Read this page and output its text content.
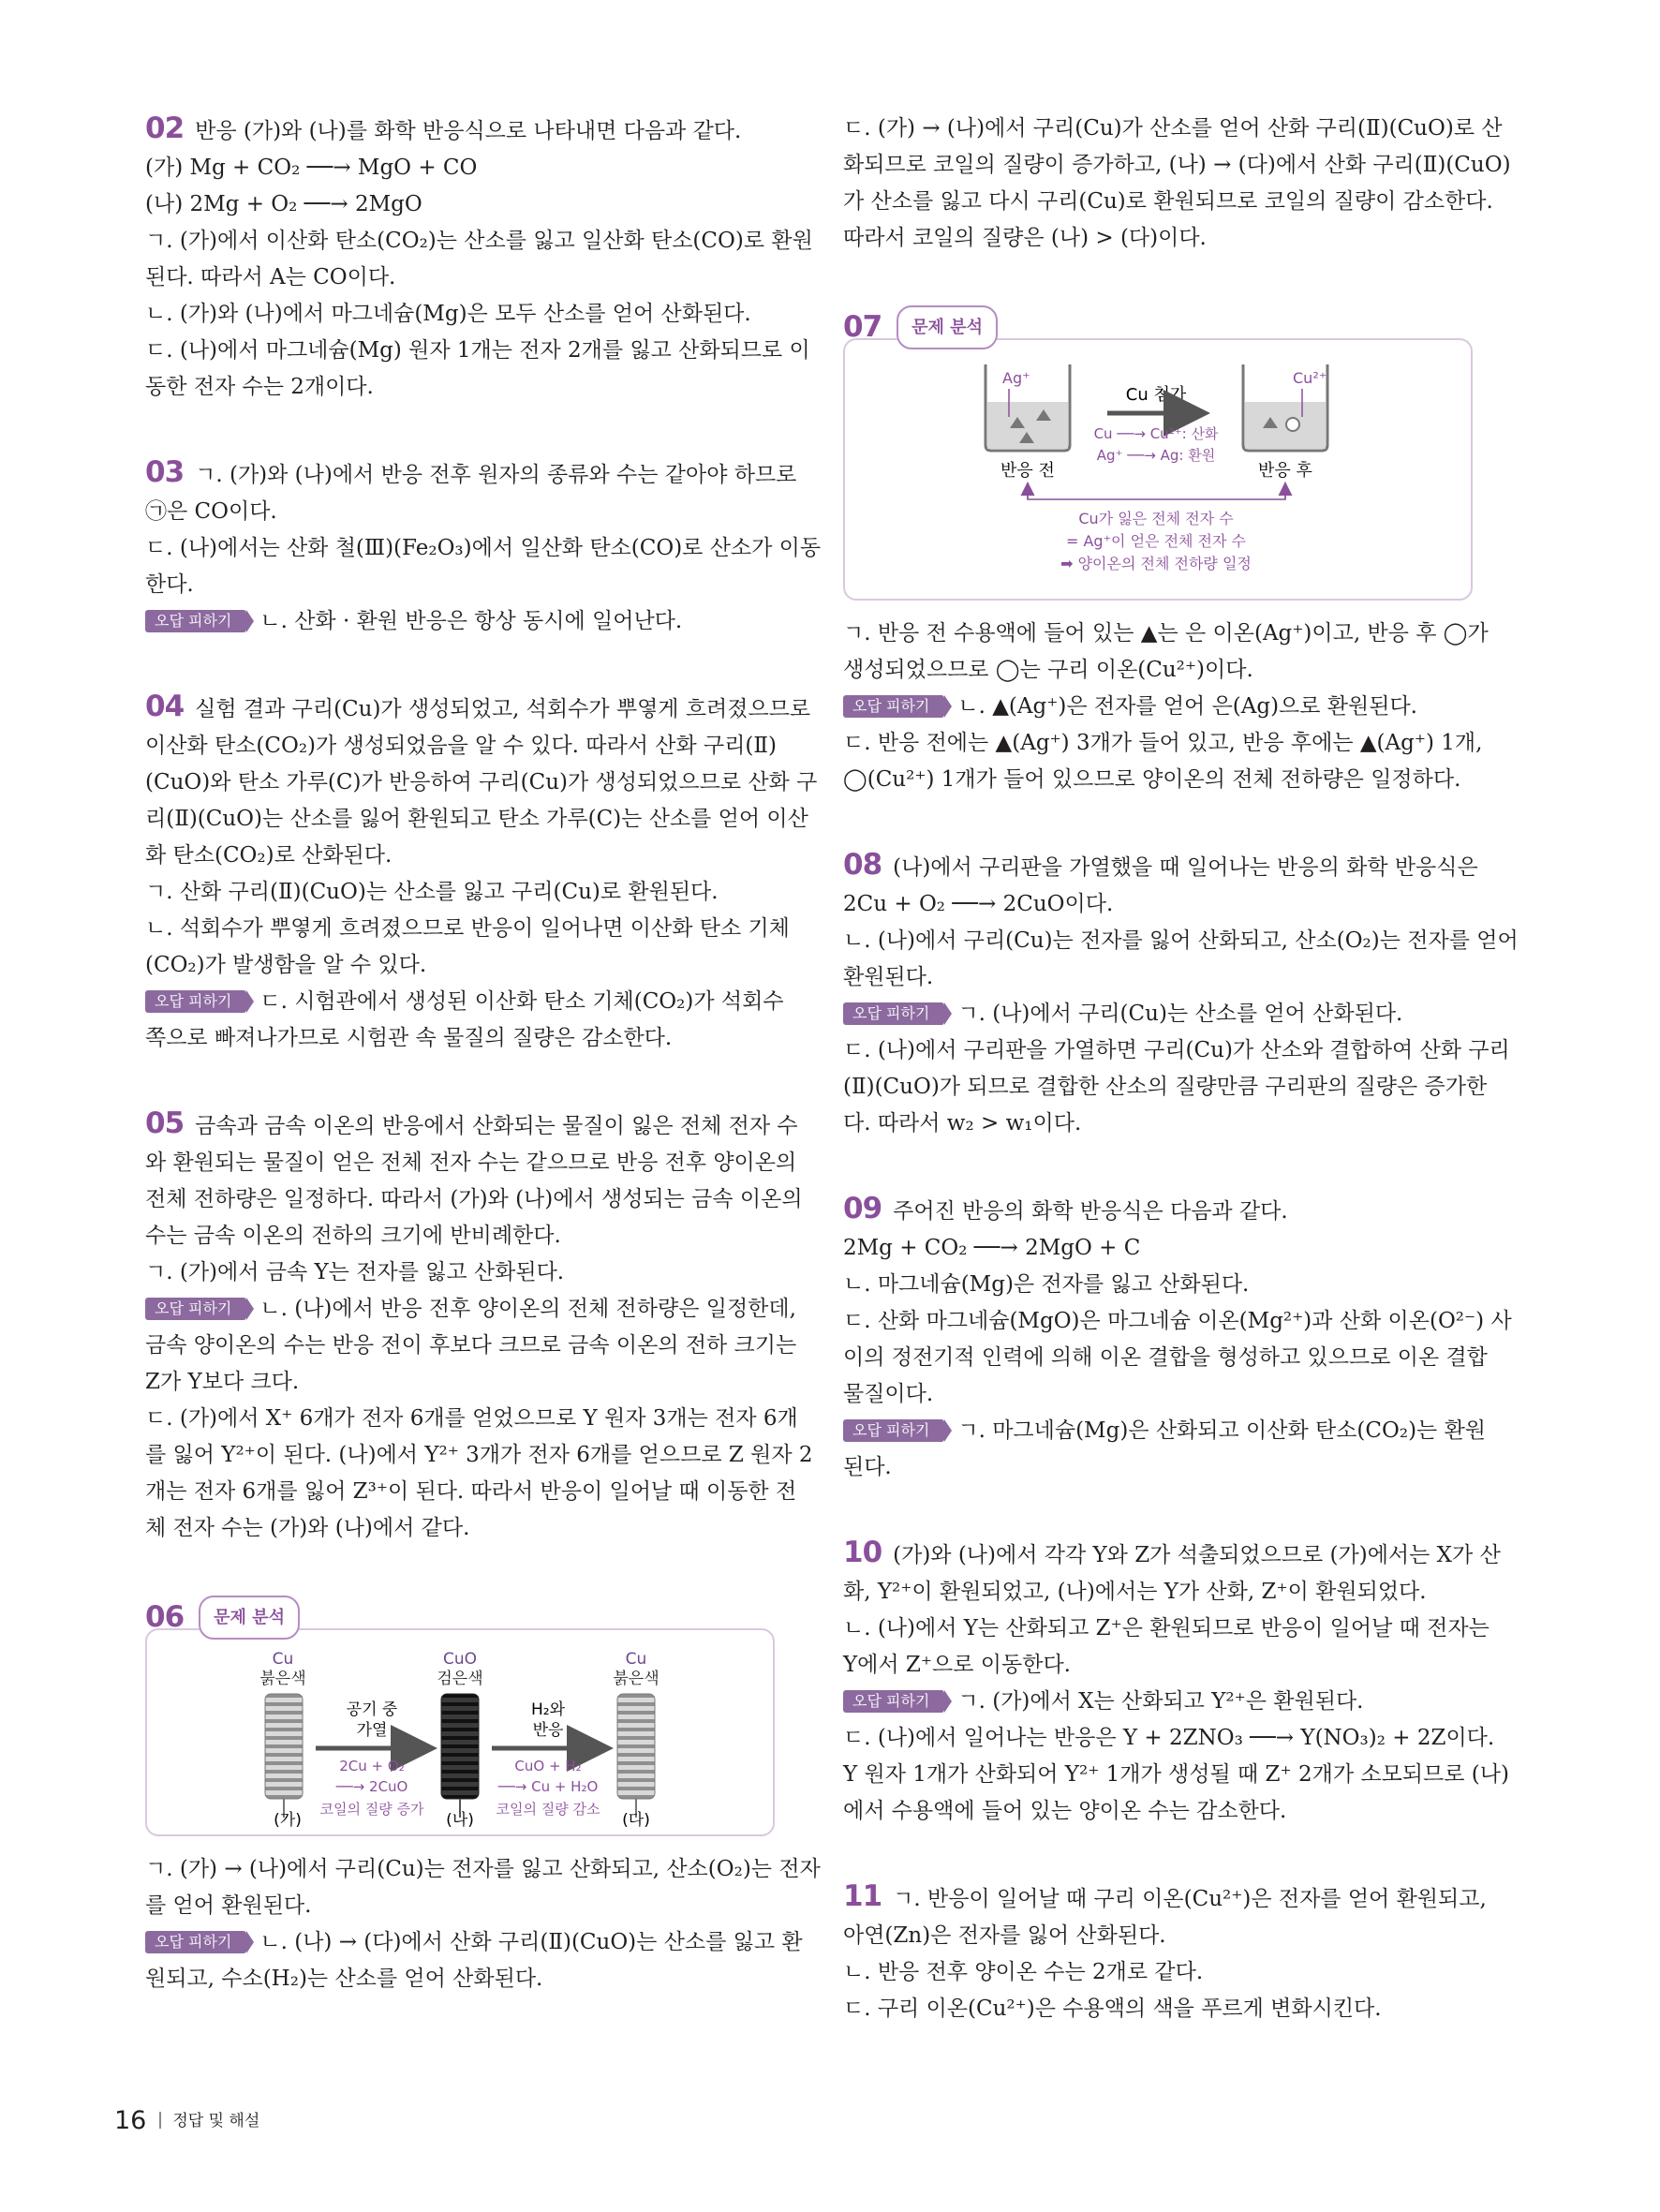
02 반응 (가)와 (나)를 화학 반응식으로 나타내면 다음과 같다.
(가) Mg + CO₂ ──→ MgO + CO
(나) 2Mg + O₂ ──→ 2MgO
ㄱ. (가)에서 이산화 탄소(CO₂)는 산소를 잃고 일산화 탄소(CO)로 환원
된다. 따라서 A는 CO이다.
ㄴ. (가)와 (나)에서 마그네슘(Mg)은 모두 산소를 얻어 산화된다.
ㄷ. (나)에서 마그네슘(Mg) 원자 1개는 전자 2개를 잃고 산화되므로 이
동한 전자 수는 2개이다.
03 ㄱ. (가)와 (나)에서 반응 전후 원자의 종류와 수는 같아야 하므로
㉠은 CO이다.
ㄷ. (나)에서는 산화 철(Ⅲ)(Fe₂O₃)에서 일산화 탄소(CO)로 산소가 이동
한다.
오답 피하기 ㄴ. 산화 · 환원 반응은 항상 동시에 일어난다.
04 실험 결과 구리(Cu)가 생성되었고, 석회수가 뿌옇게 흐려졌으므로
이산화 탄소(CO₂)가 생성되었음을 알 수 있다. 따라서 산화 구리(Ⅱ)
(CuO)와 탄소 가루(C)가 반응하여 구리(Cu)가 생성되었으므로 산화 구
리(Ⅱ)(CuO)는 산소를 잃어 환원되고 탄소 가루(C)는 산소를 얻어 이산
화 탄소(CO₂)로 산화된다.
ㄱ. 산화 구리(Ⅱ)(CuO)는 산소를 잃고 구리(Cu)로 환원된다.
ㄴ. 석회수가 뿌옇게 흐려졌으므로 반응이 일어나면 이산화 탄소 기체
(CO₂)가 발생함을 알 수 있다.
오답 피하기 ㄷ. 시험관에서 생성된 이산화 탄소 기체(CO₂)가 석회수
쪽으로 빠져나가므로 시험관 속 물질의 질량은 감소한다.
05 금속과 금속 이온의 반응에서 산화되는 물질이 잃은 전체 전자 수
와 환원되는 물질이 얻은 전체 전자 수는 같으므로 반응 전후 양이온의
전체 전하량은 일정하다. 따라서 (가)와 (나)에서 생성되는 금속 이온의
수는 금속 이온의 전하의 크기에 반비례한다.
ㄱ. (가)에서 금속 Y는 전자를 잃고 산화된다.
오답 피하기 ㄴ. (나)에서 반응 전후 양이온의 전체 전하량은 일정한데,
금속 양이온의 수는 반응 전이 후보다 크므로 금속 이온의 전하 크기는
Z가 Y보다 크다.
ㄷ. (가)에서 X⁺ 6개가 전자 6개를 얻었으므로 Y 원자 3개는 전자 6개
를 잃어 Y²⁺이 된다. (나)에서 Y²⁺ 3개가 전자 6개를 얻으므로 Z 원자 2
개는 전자 6개를 잃어 Z³⁺이 된다. 따라서 반응이 일어날 때 이동한 전
체 전자 수는 (가)와 (나)에서 같다.
06	문제 분석
Cu
붉은색
(가)
CuO
검은색
(나)
Cu
붉은색
(다)
공기 중
가열
2Cu + O₂
──→ 2CuO
코일의 질량 증가
H₂와
반응
CuO + H₂
──→ Cu + H₂O
코일의 질량 감소
ㄱ. (가) → (나)에서 구리(Cu)는 전자를 잃고 산화되고, 산소(O₂)는 전자
를 얻어 환원된다.
오답 피하기 ㄴ. (나) → (다)에서 산화 구리(Ⅱ)(CuO)는 산소를 잃고 환
원되고, 수소(H₂)는 산소를 얻어 산화된다.
ㄷ. (가) → (나)에서 구리(Cu)가 산소를 얻어 산화 구리(Ⅱ)(CuO)로 산
화되므로 코일의 질량이 증가하고, (나) → (다)에서 산화 구리(Ⅱ)(CuO)
가 산소를 잃고 다시 구리(Cu)로 환원되므로 코일의 질량이 감소한다.
따라서 코일의 질량은 (나) > (다)이다.
07	문제 분석
Ag⁺
반응 전
Cu 첨가
Cu ──→ Cu²⁺: 산화
Ag⁺ ──→ Ag: 환원
Cu²⁺
반응 후
Cu가 잃은 전체 전자 수
= Ag⁺이 얻은 전체 전자 수
➡ 양이온의 전체 전하량 일정
ㄱ. 반응 전 수용액에 들어 있는 ▲는 은 이온(Ag⁺)이고, 반응 후 ◯가
생성되었으므로 ◯는 구리 이온(Cu²⁺)이다.
오답 피하기 ㄴ. ▲(Ag⁺)은 전자를 얻어 은(Ag)으로 환원된다.
ㄷ. 반응 전에는 ▲(Ag⁺) 3개가 들어 있고, 반응 후에는 ▲(Ag⁺) 1개,
◯(Cu²⁺) 1개가 들어 있으므로 양이온의 전체 전하량은 일정하다.
08 (나)에서 구리판을 가열했을 때 일어나는 반응의 화학 반응식은
2Cu + O₂ ──→ 2CuO이다.
ㄴ. (나)에서 구리(Cu)는 전자를 잃어 산화되고, 산소(O₂)는 전자를 얻어
환원된다.
오답 피하기 ㄱ. (나)에서 구리(Cu)는 산소를 얻어 산화된다.
ㄷ. (나)에서 구리판을 가열하면 구리(Cu)가 산소와 결합하여 산화 구리
(Ⅱ)(CuO)가 되므로 결합한 산소의 질량만큼 구리판의 질량은 증가한
다. 따라서 w₂ > w₁이다.
09 주어진 반응의 화학 반응식은 다음과 같다.
2Mg + CO₂ ──→ 2MgO + C
ㄴ. 마그네슘(Mg)은 전자를 잃고 산화된다.
ㄷ. 산화 마그네슘(MgO)은 마그네슘 이온(Mg²⁺)과 산화 이온(O²⁻) 사
이의 정전기적 인력에 의해 이온 결합을 형성하고 있으므로 이온 결합
물질이다.
오답 피하기 ㄱ. 마그네슘(Mg)은 산화되고 이산화 탄소(CO₂)는 환원
된다.
10 (가)와 (나)에서 각각 Y와 Z가 석출되었으므로 (가)에서는 X가 산
화, Y²⁺이 환원되었고, (나)에서는 Y가 산화, Z⁺이 환원되었다.
ㄴ. (나)에서 Y는 산화되고 Z⁺은 환원되므로 반응이 일어날 때 전자는
Y에서 Z⁺으로 이동한다.
오답 피하기 ㄱ. (가)에서 X는 산화되고 Y²⁺은 환원된다.
ㄷ. (나)에서 일어나는 반응은 Y + 2ZNO₃ ──→ Y(NO₃)₂ + 2Z이다.
Y 원자 1개가 산화되어 Y²⁺ 1개가 생성될 때 Z⁺ 2개가 소모되므로 (나)
에서 수용액에 들어 있는 양이온 수는 감소한다.
11 ㄱ. 반응이 일어날 때 구리 이온(Cu²⁺)은 전자를 얻어 환원되고,
아연(Zn)은 전자를 잃어 산화된다.
ㄴ. 반응 전후 양이온 수는 2개로 같다.
ㄷ. 구리 이온(Cu²⁺)은 수용액의 색을 푸르게 변화시킨다.
16 정답 및 해설
